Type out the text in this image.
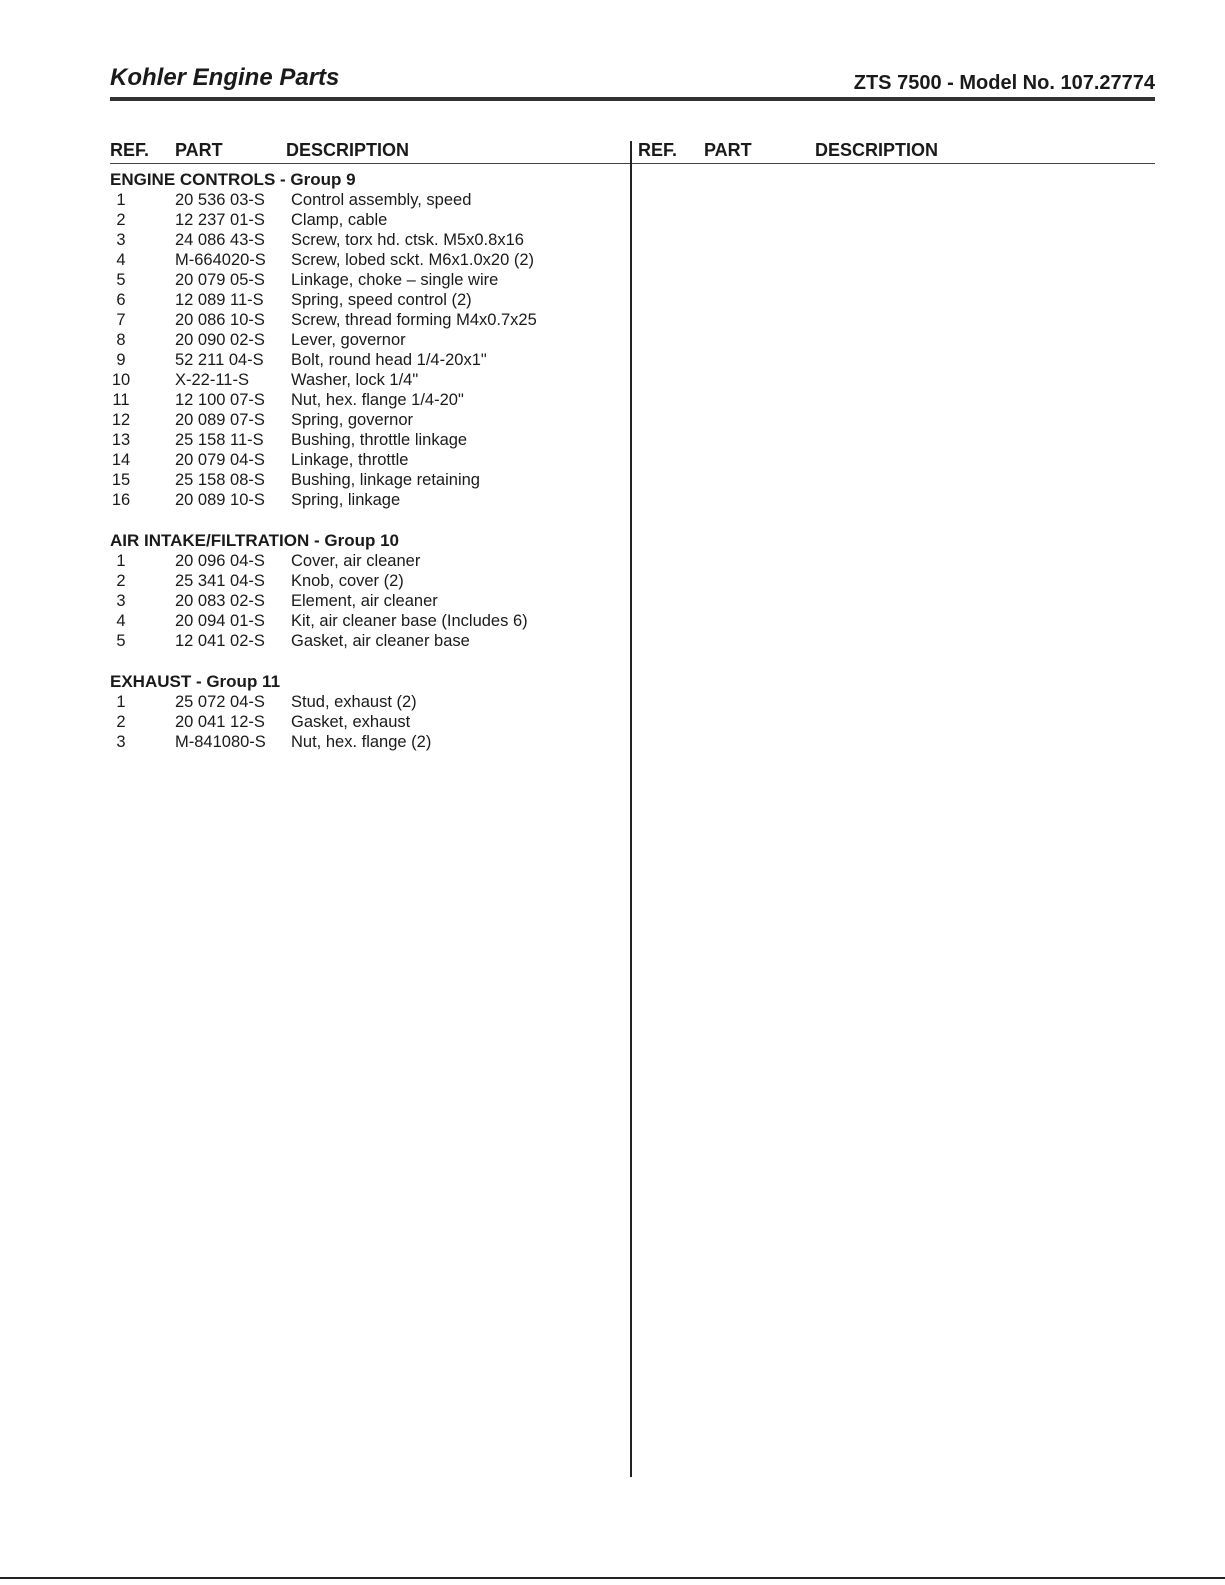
Kohler Engine Parts	ZTS 7500 - Model No. 107.27774
REF. PART	DESCRIPTION	REF. PART	DESCRIPTION
ENGINE CONTROLS - Group 9
1	20 536 03-S Control assembly, speed
2	12 237 01-S Clamp, cable
3	24 086 43-S Screw, torx hd. ctsk. M5x0.8x16
4	M-664020-S Screw, lobed sckt. M6x1.0x20 (2)
5	20 079 05-S Linkage, choke – single wire
6	12 089 11-S Spring, speed control (2)
7	20 086 10-S Screw, thread forming M4x0.7x25
8	20 090 02-S Lever, governor
9	52 211 04-S Bolt, round head 1/4-20x1"
10	X-22-11-S	Washer, lock 1/4"
11	12 100 07-S Nut, hex. flange 1/4-20"
12	20 089 07-S Spring, governor
13	25 158 11-S Bushing, throttle linkage
14	20 079 04-S Linkage, throttle
15	25 158 08-S Bushing, linkage retaining
16	20 089 10-S Spring, linkage
AIR INTAKE/FILTRATION - Group 10
1	20 096 04-S Cover, air cleaner
2	25 341 04-S Knob, cover (2)
3	20 083 02-S Element, air cleaner
4	20 094 01-S Kit, air cleaner base (Includes 6)
5	12 041 02-S Gasket, air cleaner base
EXHAUST - Group 11
1	25 072 04-S Stud, exhaust (2)
2	20 041 12-S Gasket, exhaust
3	M-841080-S Nut, hex. flange (2)
